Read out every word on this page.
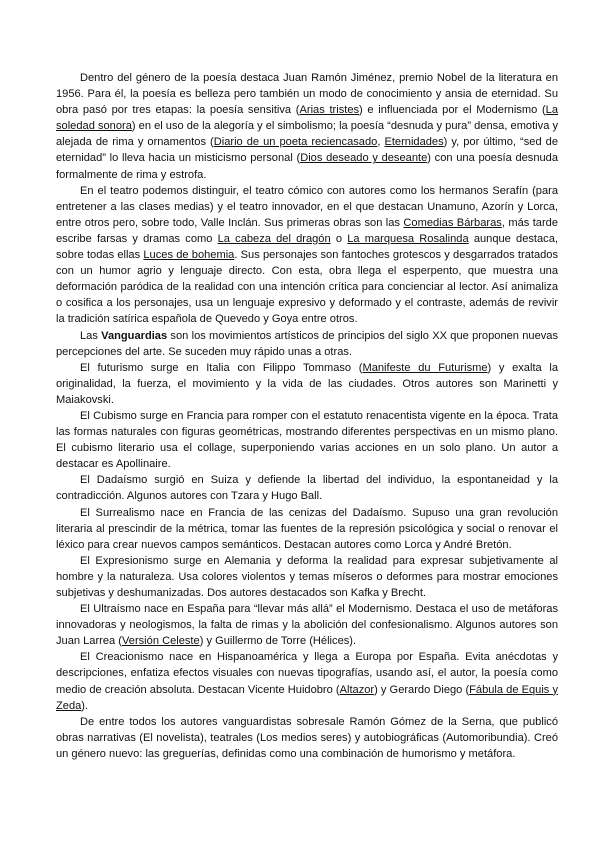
Dentro del género de la poesía destaca Juan Ramón Jiménez, premio Nobel de la literatura en 1956. Para él, la poesía es belleza pero también un modo de conocimiento y ansia de eternidad. Su obra pasó por tres etapas: la poesía sensitiva (Arias tristes) e influenciada por el Modernismo (La soledad sonora) en el uso de la alegoría y el simbolismo; la poesía “desnuda y pura” densa, emotiva y alejada de rima y ornamentos (Diario de un poeta reciencasado, Eternidades) y, por último, “sed de eternidad” lo lleva hacia un misticismo personal (Dios deseado y deseante) con una poesía desnuda formalmente de rima y estrofa.

En el teatro podemos distinguir, el teatro cómico con autores como los hermanos Serafín (para entretener a las clases medias) y el teatro innovador, en el que destacan Unamuno, Azorín y Lorca, entre otros pero, sobre todo, Valle Inclán. Sus primeras obras son las Comedias Bárbaras, más tarde escribe farsas y dramas como La cabeza del dragón o La marquesa Rosalinda aunque destaca, sobre todas ellas Luces de bohemia. Sus personajes son fantoches grotescos y desgarrados tratados con un humor agrio y lenguaje directo. Con esta, obra llega el esperpento, que muestra una deformación paródica de la realidad con una intención crítica para concienciar al lector. Así animaliza o cosifica a los personajes, usa un lenguaje expresivo y deformado y el contraste, además de revivir la tradición satírica española de Quevedo y Goya entre otros.

Las Vanguardias son los movimientos artísticos de principios del siglo XX que proponen nuevas percepciones del arte. Se suceden muy rápido unas a otras.

El futurismo surge en Italia con Filippo Tommaso (Manifeste du Futurisme) y exalta la originalidad, la fuerza, el movimiento y la vida de las ciudades. Otros autores son Marinetti y Maiakovski.

El Cubismo surge en Francia para romper con el estatuto renacentista vigente en la época. Trata las formas naturales con figuras geométricas, mostrando diferentes perspectivas en un mismo plano. El cubismo literario usa el collage, superponiendo varias acciones en un solo plano. Un autor a destacar es Apollinaire.

El Dadaísmo surgió en Suiza y defiende la libertad del individuo, la espontaneidad y la contradicción. Algunos autores con Tzara y Hugo Ball.

El Surrealismo nace en Francia de las cenizas del Dadaísmo. Supuso una gran revolución literaria al prescindir de la métrica, tomar las fuentes de la represión psicológica y social o renovar el léxico para crear nuevos campos semánticos. Destacan autores como Lorca y André Bretón.

El Expresionismo surge en Alemania y deforma la realidad para expresar subjetivamente al hombre y la naturaleza. Usa colores violentos y temas míseros o deformes para mostrar emociones subjetivas y deshumanizadas. Dos autores destacados son Kafka y Brecht.

El Ultraísmo nace en España para “llevar más allá” el Modernismo. Destaca el uso de metáforas innovadoras y neologismos, la falta de rimas y la abolición del confesionalismo. Algunos autores son Juan Larrea (Versión Celeste) y Guillermo de Torre (Hélices).

El Creacionismo nace en Hispanoamérica y llega a Europa por España. Evita anécdotas y descripciones, enfatiza efectos visuales con nuevas tipografías, usando así, el autor, la poesía como medio de creación absoluta. Destacan Vicente Huidobro (Altazor) y Gerardo Diego (Fábula de Equis y Zeda).

De entre todos los autores vanguardistas sobresale Ramón Gómez de la Serna, que publicó obras narrativas (El novelista), teatrales (Los medios seres) y autobiográficas (Automoribundia). Creó un género nuevo: las greguerías, definidas como una combinación de humorismo y metáfora.
